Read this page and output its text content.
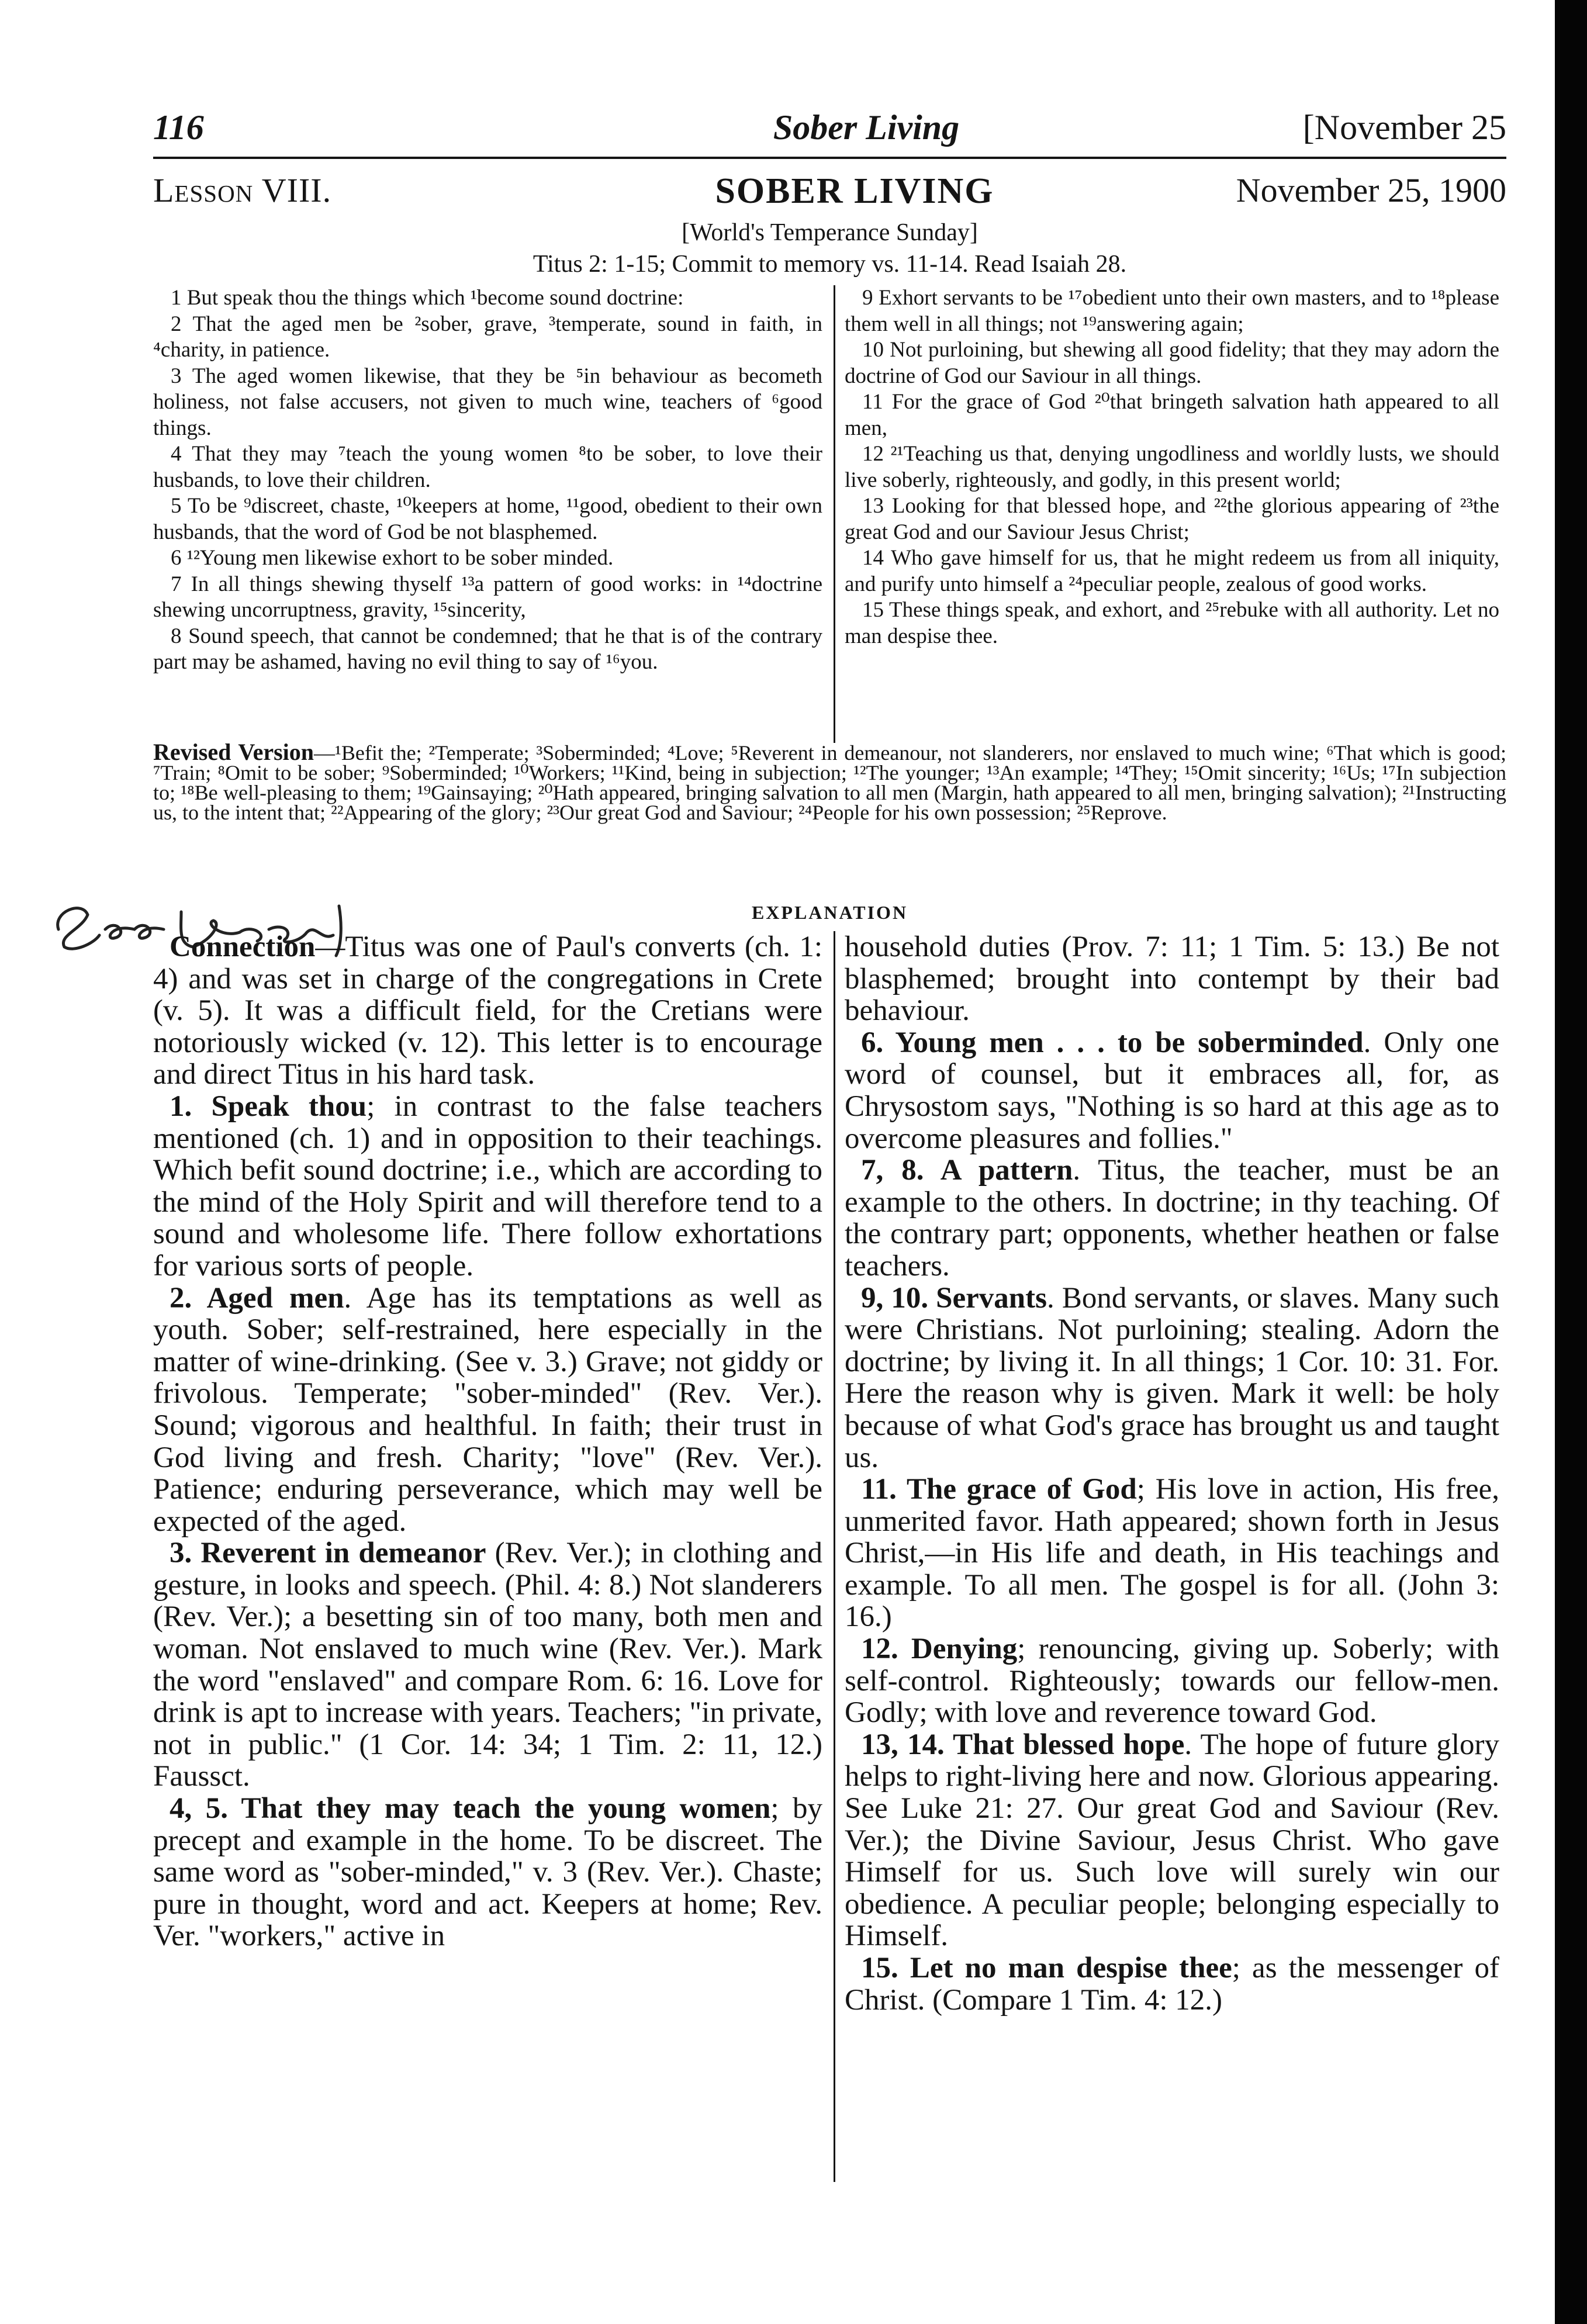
116	Sober Living	[November 25
Lesson VIII.	SOBER LIVING	November 25, 1900
[World's Temperance Sunday]
Titus 2: 1-15; Commit to memory vs. 11-14. Read Isaiah 28.

1 But speak thou the things which ¹become sound doctrine:

2 That the aged men be ²sober, grave, ³temperate, sound in faith, in ⁴charity, in patience.

3 The aged women likewise, that they be ⁵in behaviour as becometh holiness, not false accusers, not given to much wine, teachers of ⁶good things.

4 That they may ⁷teach the young women ⁸to be sober, to love their husbands, to love their children.

5 To be ⁹discreet, chaste, ¹⁰keepers at home, ¹¹good, obedient to their own husbands, that the word of God be not blasphemed.

6 ¹²Young men likewise exhort to be sober minded.

7 In all things shewing thyself ¹³a pattern of good works: in ¹⁴doctrine shewing uncorruptness, gravity, ¹⁵sincerity,

8 Sound speech, that cannot be condemned; that he that is of the contrary part may be ashamed, having no evil thing to say of ¹⁶you.

9 Exhort servants to be ¹⁷obedient unto their own masters, and to ¹⁸please them well in all things; not ¹⁹answering again;

10 Not purloining, but shewing all good fidelity; that they may adorn the doctrine of God our Saviour in all things.

11 For the grace of God ²⁰that bringeth salvation hath appeared to all men,

12 ²¹Teaching us that, denying ungodliness and worldly lusts, we should live soberly, righteously, and godly, in this present world;

13 Looking for that blessed hope, and ²²the glorious appearing of ²³the great God and our Saviour Jesus Christ;

14 Who gave himself for us, that he might redeem us from all iniquity, and purify unto himself a ²⁴peculiar people, zealous of good works.

15 These things speak, and exhort, and ²⁵rebuke with all authority. Let no man despise thee.

Revised Version—¹Befit the; ²Temperate; ³Soberminded; ⁴Love; ⁵Reverent in demeanour, not slanderers, nor enslaved to much wine; ⁶That which is good; ⁷Train; ⁸Omit to be sober; ⁹Soberminded; ¹⁰Workers; ¹¹Kind, being in subjection; ¹²The younger; ¹³An example; ¹⁴They; ¹⁵Omit sincerity; ¹⁶Us; ¹⁷In subjection to; ¹⁸Be well-pleasing to them; ¹⁹Gainsaying; ²⁰Hath appeared, bringing salvation to all men (Margin, hath appeared to all men, bringing salvation); ²¹Instructing us, to the intent that; ²²Appearing of the glory; ²³Our great God and Saviour; ²⁴People for his own possession; ²⁵Reprove.
EXPLANATION

Connection—Titus was one of Paul's converts (ch. 1: 4) and was set in charge of the congregations in Crete (v. 5). It was a difficult field, for the Cretians were notoriously wicked (v. 12). This letter is to encourage and direct Titus in his hard task.

1. Speak thou; in contrast to the false teachers mentioned (ch. 1) and in opposition to their teachings. Which befit sound doctrine; i.e., which are according to the mind of the Holy Spirit and will therefore tend to a sound and wholesome life. There follow exhortations for various sorts of people.

2. Aged men. Age has its temptations as well as youth. Sober; self-restrained, here especially in the matter of wine-drinking. (See v. 3.) Grave; not giddy or frivolous. Temperate; "sober-minded" (Rev. Ver.). Sound; vigorous and healthful. In faith; their trust in God living and fresh. Charity; "love" (Rev. Ver.). Patience; enduring perseverance, which may well be expected of the aged.

3. Reverent in demeanor (Rev. Ver.); in clothing and gesture, in looks and speech. (Phil. 4: 8.) Not slanderers (Rev. Ver.); a besetting sin of too many, both men and woman. Not enslaved to much wine (Rev. Ver.). Mark the word "enslaved" and compare Rom. 6: 16. Love for drink is apt to increase with years. Teachers; "in private, not in public." (1 Cor. 14: 34; 1 Tim. 2: 11, 12.) Faussct.

4, 5. That they may teach the young women; by precept and example in the home. To be discreet. The same word as "sober-minded," v. 3 (Rev. Ver.). Chaste; pure in thought, word and act. Keepers at home; Rev. Ver. "workers," active in

household duties (Prov. 7: 11; 1 Tim. 5: 13.) Be not blasphemed; brought into contempt by their bad behaviour.

6. Young men . . . to be soberminded. Only one word of counsel, but it embraces all, for, as Chrysostom says, "Nothing is so hard at this age as to overcome pleasures and follies."

7, 8. A pattern. Titus, the teacher, must be an example to the others. In doctrine; in thy teaching. Of the contrary part; opponents, whether heathen or false teachers.

9, 10. Servants. Bond servants, or slaves. Many such were Christians. Not purloining; stealing. Adorn the doctrine; by living it. In all things; 1 Cor. 10: 31. For. Here the reason why is given. Mark it well: be holy because of what God's grace has brought us and taught us.

11. The grace of God; His love in action, His free, unmerited favor. Hath appeared; shown forth in Jesus Christ,—in His life and death, in His teachings and example. To all men. The gospel is for all. (John 3: 16.)

12. Denying; renouncing, giving up. Soberly; with self-control. Righteously; towards our fellow-men. Godly; with love and reverence toward God.

13, 14. That blessed hope. The hope of future glory helps to right-living here and now. Glorious appearing. See Luke 21: 27. Our great God and Saviour (Rev. Ver.); the Divine Saviour, Jesus Christ. Who gave Himself for us. Such love will surely win our obedience. A peculiar people; belonging especially to Himself.

15. Let no man despise thee; as the messenger of Christ. (Compare 1 Tim. 4: 12.)
